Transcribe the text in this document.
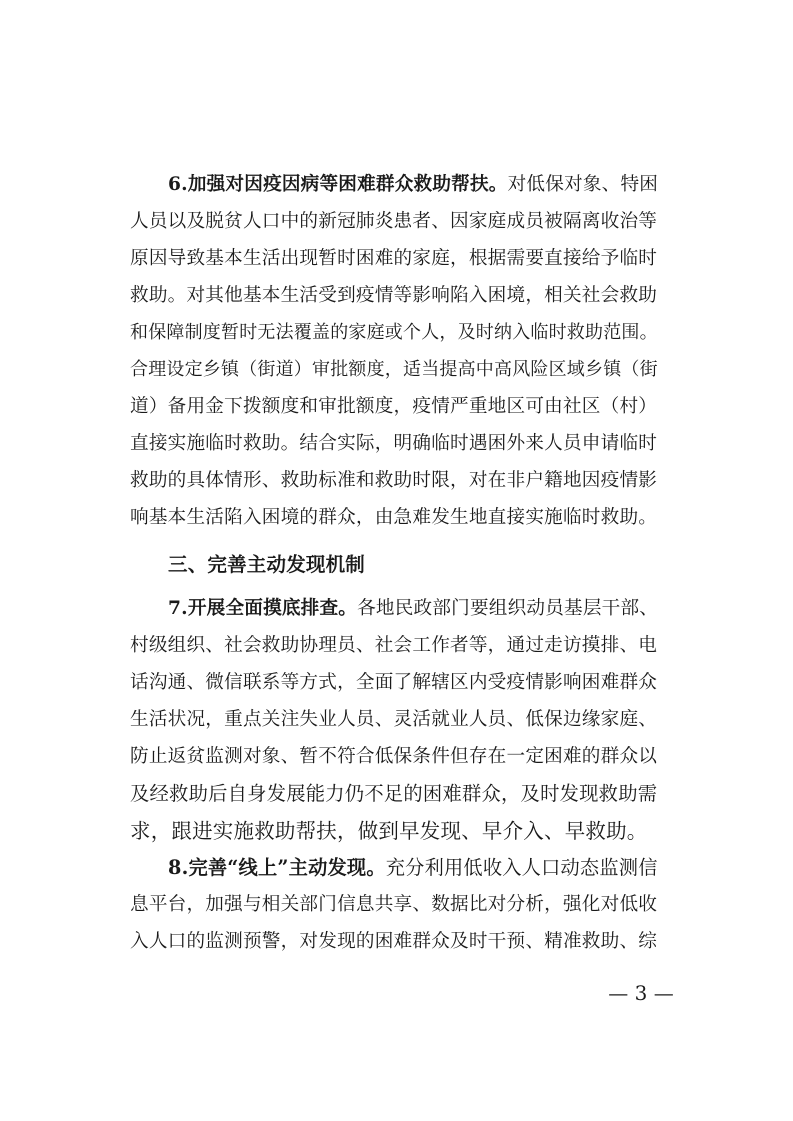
6.加强对因疫因病等困难群众救助帮扶。对低保对象、特困
人员以及脱贫人口中的新冠肺炎患者、因家庭成员被隔离收治等
原因导致基本生活出现暂时困难的家庭，根据需要直接给予临时
救助。对其他基本生活受到疫情等影响陷入困境，相关社会救助
和保障制度暂时无法覆盖的家庭或个人，及时纳入临时救助范围。
合理设定乡镇（街道）审批额度，适当提高中高风险区域乡镇（街
道）备用金下拨额度和审批额度，疫情严重地区可由社区（村）
直接实施临时救助。结合实际，明确临时遇困外来人员申请临时
救助的具体情形、救助标准和救助时限，对在非户籍地因疫情影
响基本生活陷入困境的群众，由急难发生地直接实施临时救助。
三、完善主动发现机制
7.开展全面摸底排查。各地民政部门要组织动员基层干部、
村级组织、社会救助协理员、社会工作者等，通过走访摸排、电
话沟通、微信联系等方式，全面了解辖区内受疫情影响困难群众
生活状况，重点关注失业人员、灵活就业人员、低保边缘家庭、
防止返贫监测对象、暂不符合低保条件但存在一定困难的群众以
及经救助后自身发展能力仍不足的困难群众，及时发现救助需
求，跟进实施救助帮扶，做到早发现、早介入、早救助。
8.完善“线上”主动发现。充分利用低收入人口动态监测信
息平台，加强与相关部门信息共享、数据比对分析，强化对低收
入人口的监测预警，对发现的困难群众及时干预、精准救助、综
— 3 —
